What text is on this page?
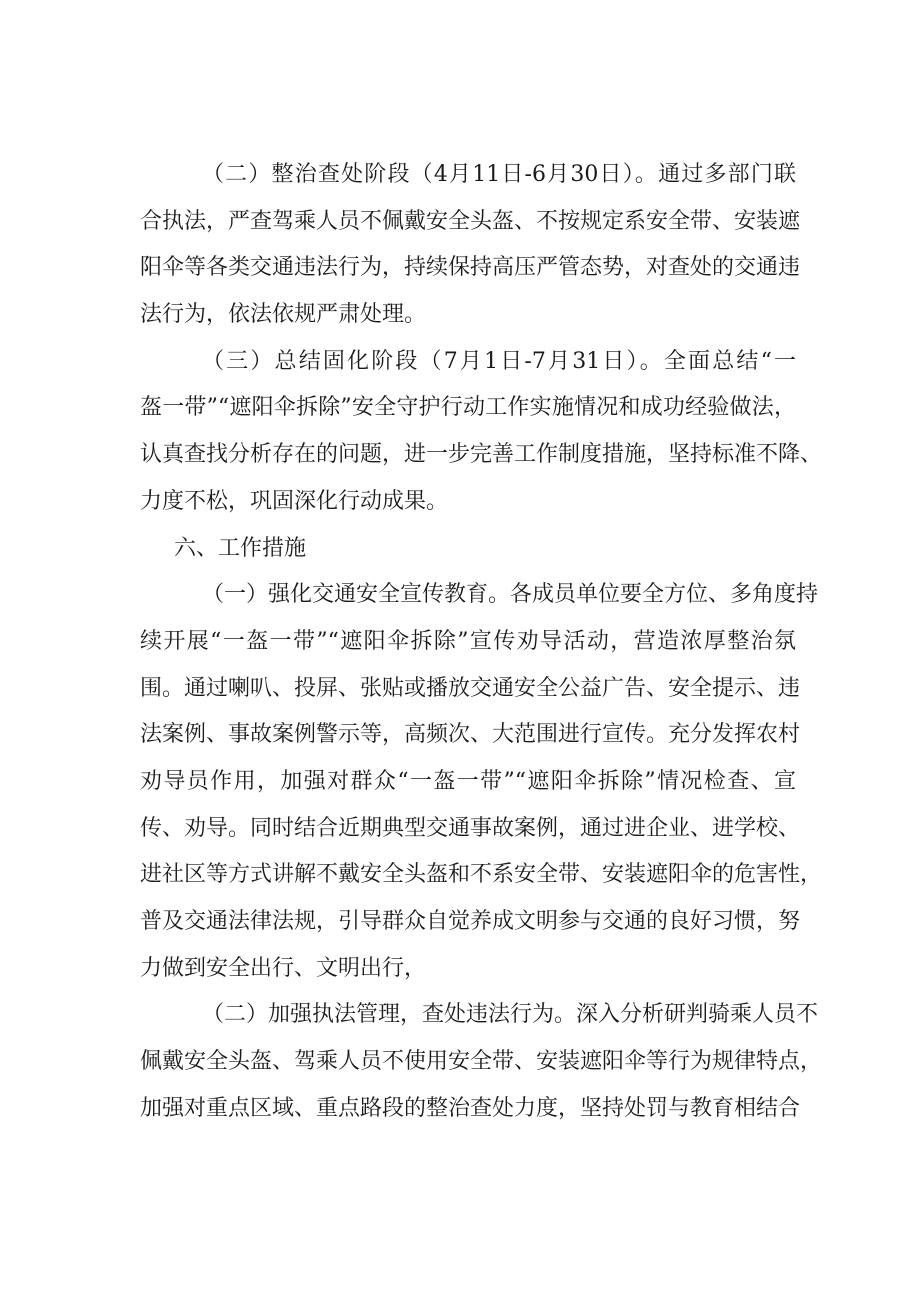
（二）整治查处阶段（4月11日-6月30日）。通过多部门联
合执法，严查驾乘人员不佩戴安全头盔、不按规定系安全带、安装遮
阳伞等各类交通违法行为，持续保持高压严管态势，对查处的交通违
法行为，依法依规严肃处理。
（三）总结固化阶段（7月1日-7月31日）。全面总结“一
盔一带”“遮阳伞拆除”安全守护行动工作实施情况和成功经验做法，
认真查找分析存在的问题，进一步完善工作制度措施，坚持标准不降、
力度不松，巩固深化行动成果。
六、工作措施
（一）强化交通安全宣传教育。各成员单位要全方位、多角度持
续开展“一盔一带”“遮阳伞拆除”宣传劝导活动，营造浓厚整治氛
围。通过喇叭、投屏、张贴或播放交通安全公益广告、安全提示、违
法案例、事故案例警示等，高频次、大范围进行宣传。充分发挥农村
劝导员作用，加强对群众“一盔一带”“遮阳伞拆除”情况检查、宣
传、劝导。同时结合近期典型交通事故案例，通过进企业、进学校、
进社区等方式讲解不戴安全头盔和不系安全带、安装遮阳伞的危害性，
普及交通法律法规，引导群众自觉养成文明参与交通的良好习惯，努
力做到安全出行、文明出行，
（二）加强执法管理，查处违法行为。深入分析研判骑乘人员不
佩戴安全头盔、驾乘人员不使用安全带、安装遮阳伞等行为规律特点，
加强对重点区域、重点路段的整治查处力度，坚持处罚与教育相结合
